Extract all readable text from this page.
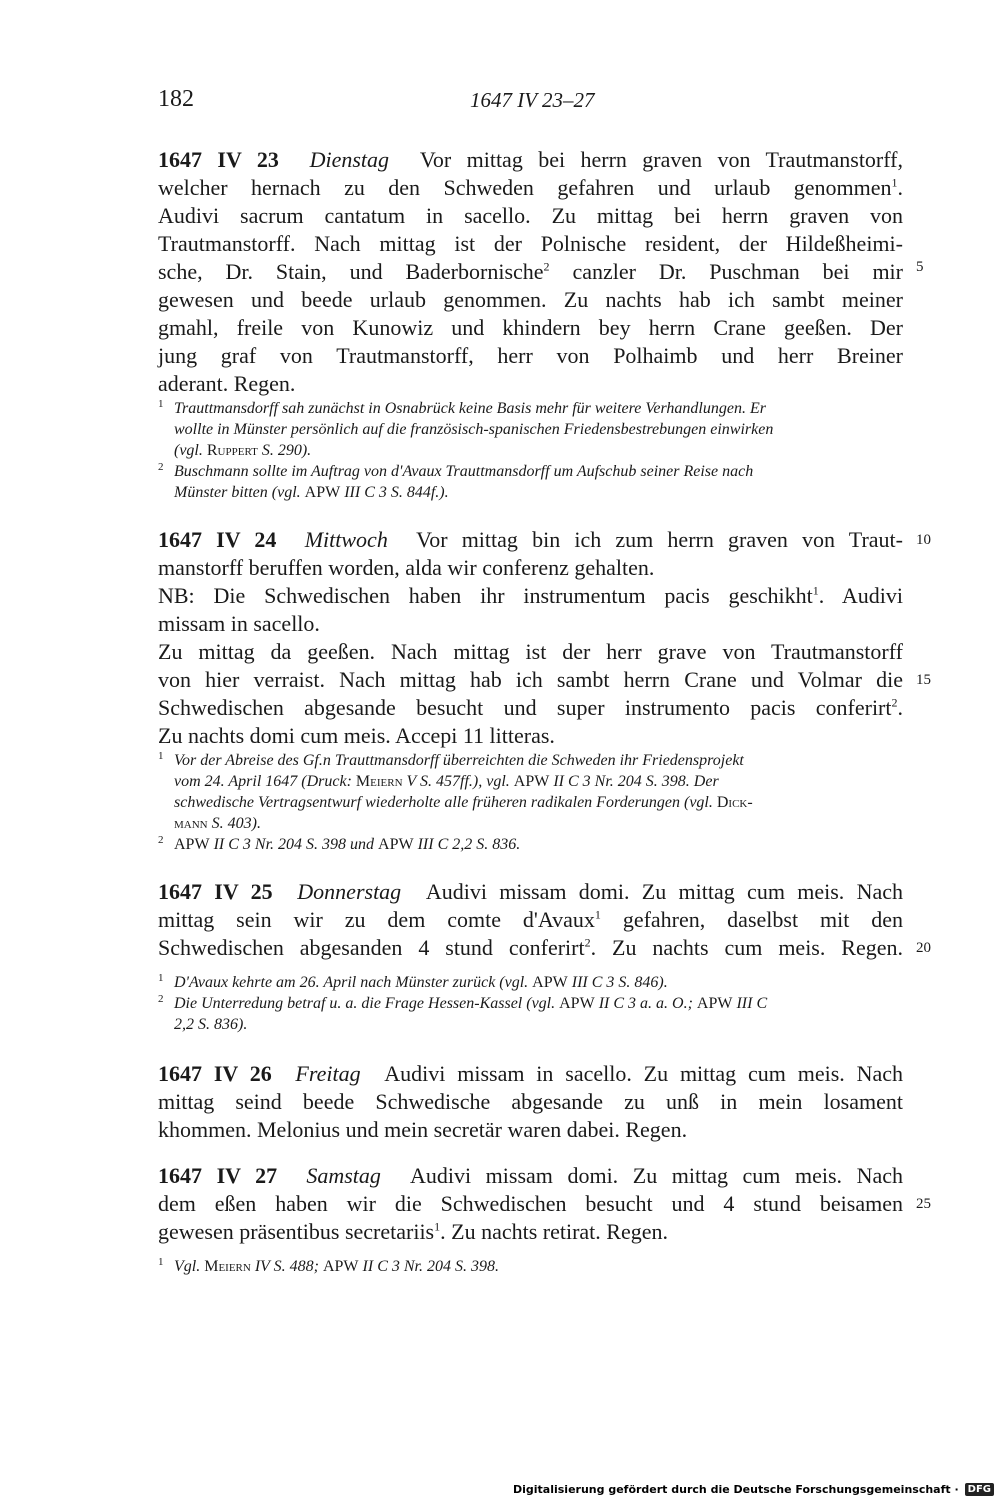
182	1647 IV 23–27
1647 IV 23 Dienstag Vor mittag bei herrn graven von Trautmanstorff,
welcher hernach zu den Schweden gefahren und urlaub genommen$^1$.
Audivi sacrum cantatum in sacello. Zu mittag bei herrn graven von
Trautmanstorff. Nach mittag ist der Polnische resident, der Hildeßheimi-
sche, Dr. Stain, und Baderbornische$^2$ canzler Dr. Puschman bei mir
gewesen und beede urlaub genommen. Zu nachts hab ich sambt meiner
gmahl, freile von Kunowiz und khindern bey herrn Crane geeßen. Der
jung graf von Trautmanstorff, herr von Polhaimb und herr Breiner
aderant. Regen.
5
1 Trauttmansdorff sah zunächst in Osnabrück keine Basis mehr für weitere Verhandlungen. Er
wollte in Münster persönlich auf die französisch-spanischen Friedensbestrebungen einwirken
(vgl. Ruppert S. 290).
2 Buschmann sollte im Auftrag von d'Avaux Trauttmansdorff um Aufschub seiner Reise nach
Münster bitten (vgl. APW III C 3 S. 844f.).
1647 IV 24 Mittwoch Vor mittag bin ich zum herrn graven von Traut-
manstorff beruffen worden, alda wir conferenz gehalten.
NB: Die Schwedischen haben ihr instrumentum pacis geschikht$^1$. Audivi
missam in sacello.
Zu mittag da geeßen. Nach mittag ist der herr grave von Trautmanstorff
von hier verraist. Nach mittag hab ich sambt herrn Crane und Volmar die
Schwedischen abgesande besucht und super instrumento pacis conferirt$^2$.
Zu nachts domi cum meis. Accepi 11 litteras.
10
15
1 Vor der Abreise des Gf.n Trauttmansdorff überreichten die Schweden ihr Friedensprojekt
vom 24. April 1647 (Druck: Meiern V S. 457ff.), vgl. APW II C 3 Nr. 204 S. 398. Der
schwedische Vertragsentwurf wiederholte alle früheren radikalen Forderungen (vgl. Dick-
mann S. 403).
2 APW II C 3 Nr. 204 S. 398 und APW III C 2,2 S. 836.
1647 IV 25 Donnerstag Audivi missam domi. Zu mittag cum meis. Nach
mittag sein wir zu dem comte d'Avaux$^1$ gefahren, daselbst mit den
Schwedischen abgesanden 4 stund conferirt$^2$. Zu nachts cum meis. Regen. 20
1 D'Avaux kehrte am 26. April nach Münster zurück (vgl. APW III C 3 S. 846).
2 Die Unterredung betraf u. a. die Frage Hessen-Kassel (vgl. APW II C 3 a. a. O.; APW III C
2,2 S. 836).
1647 IV 26 Freitag Audivi missam in sacello. Zu mittag cum meis. Nach
mittag seind beede Schwedische abgesande zu unß in mein losament
khommen. Melonius und mein secretär waren dabei. Regen.
1647 IV 27 Samstag Audivi missam domi. Zu mittag cum meis. Nach
dem eßen haben wir die Schwedischen besucht und 4 stund beisamen
gewesen präsentibus secretariis$^1$. Zu nachts retirat. Regen.
25
1 Vgl. Meiern IV S. 488; APW II C 3 Nr. 204 S. 398.
Digitalisierung gefördert durch die Deutsche Forschungsgemeinschaft · DFG
